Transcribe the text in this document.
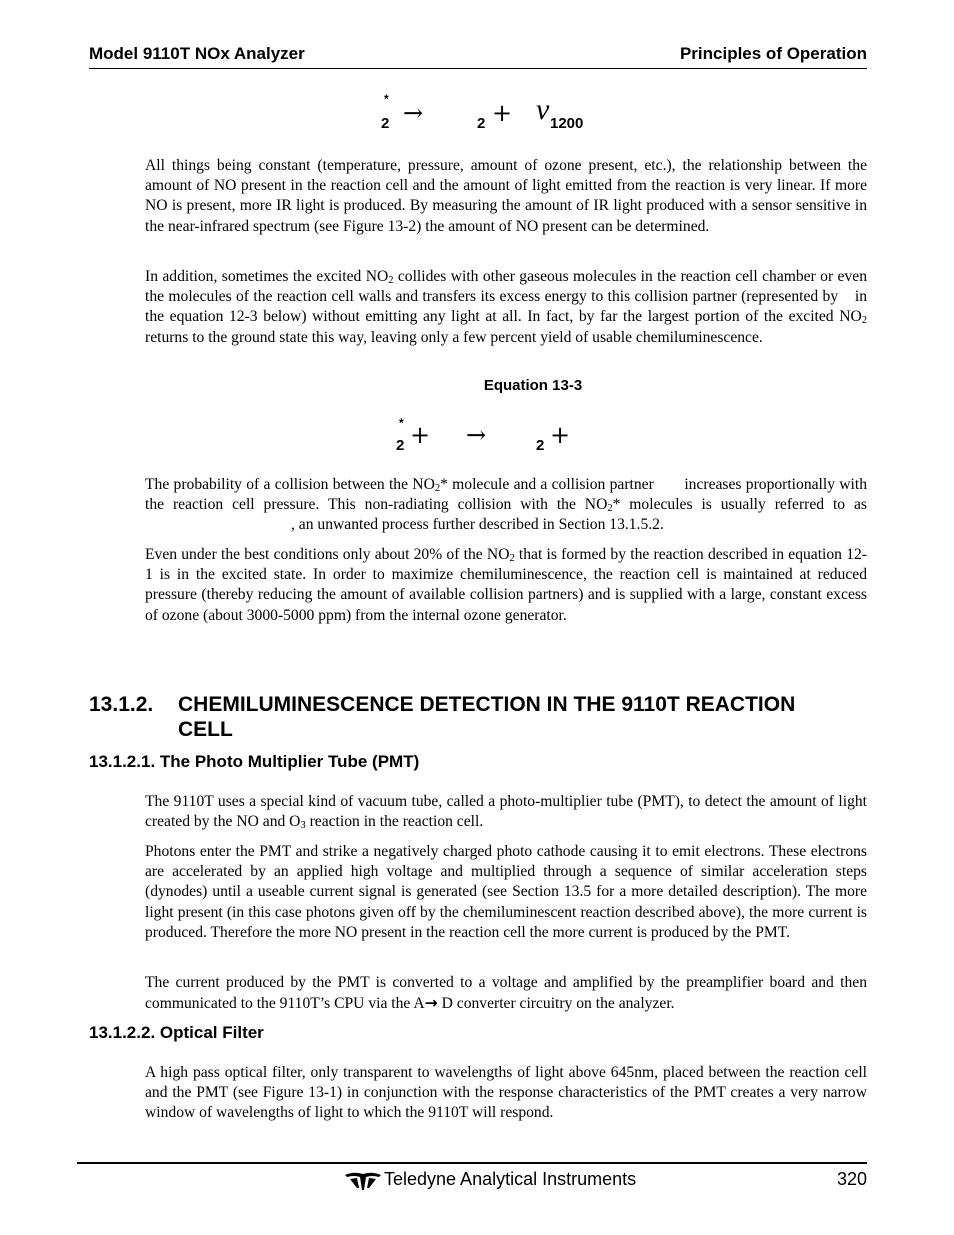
Model 9110T NOx Analyzer	Principles of Operation
*
2 →	2 + ν 1200

All things being constant (temperature, pressure, amount of ozone present, etc.), the relationship between the amount of NO present in the reaction cell and the amount of light emitted from the reaction is very linear. If more NO is present, more IR light is produced. By measuring the amount of IR light produced with a sensor sensitive in the near-infrared spectrum (see Figure 13-2) the amount of NO present can be determined.

In addition, sometimes the excited $NO_2$ collides with other gaseous molecules in the reaction cell chamber or even the molecules of the reaction cell walls and transfers its excess energy to this collision partner (represented by  in the equation 12-3 below) without emitting any light at all. In fact, by far the largest portion of the excited $NO_2$ returns to the ground state this way, leaving only a few percent yield of usable chemiluminescence.

Equation 13-3
*
2 + →	2 +

The probability of a collision between the $NO_2*$ molecule and a collision partner  increases proportionally with the reaction cell pressure. This non-radiating collision with the $NO_2*$ molecules is usually referred to as , an unwanted process further described in Section 13.1.5.2.

Even under the best conditions only about 20% of the $NO_2$ that is formed by the reaction described in equation 12-1 is in the excited state. In order to maximize chemiluminescence, the reaction cell is maintained at reduced pressure (thereby reducing the amount of available collision partners) and is supplied with a large, constant excess of ozone (about 3000-5000 ppm) from the internal ozone generator.

13.1.2. CHEMILUMINESCENCE DETECTION IN THE 9110T REACTION
CELL
13.1.2.1. The Photo Multiplier Tube (PMT)

The 9110T uses a special kind of vacuum tube, called a photo-multiplier tube (PMT), to detect the amount of light created by the NO and $O_3$ reaction in the reaction cell.

Photons enter the PMT and strike a negatively charged photo cathode causing it to emit electrons. These electrons are accelerated by an applied high voltage and multiplied through a sequence of similar acceleration steps (dynodes) until a useable current signal is generated (see Section 13.5 for a more detailed description). The more light present (in this case photons given off by the chemiluminescent reaction described above), the more current is produced. Therefore the more NO present in the reaction cell the more current is produced by the PMT.

The current produced by the PMT is converted to a voltage and amplified by the preamplifier board and then communicated to the 9110T’s CPU via the A→ D converter circuitry on the analyzer.

13.1.2.2. Optical Filter

A high pass optical filter, only transparent to wavelengths of light above 645nm, placed between the reaction cell and the PMT (see Figure 13-1) in conjunction with the response characteristics of the PMT creates a very narrow window of wavelengths of light to which the 9110T will respond.

Teledyne Analytical Instruments	320
